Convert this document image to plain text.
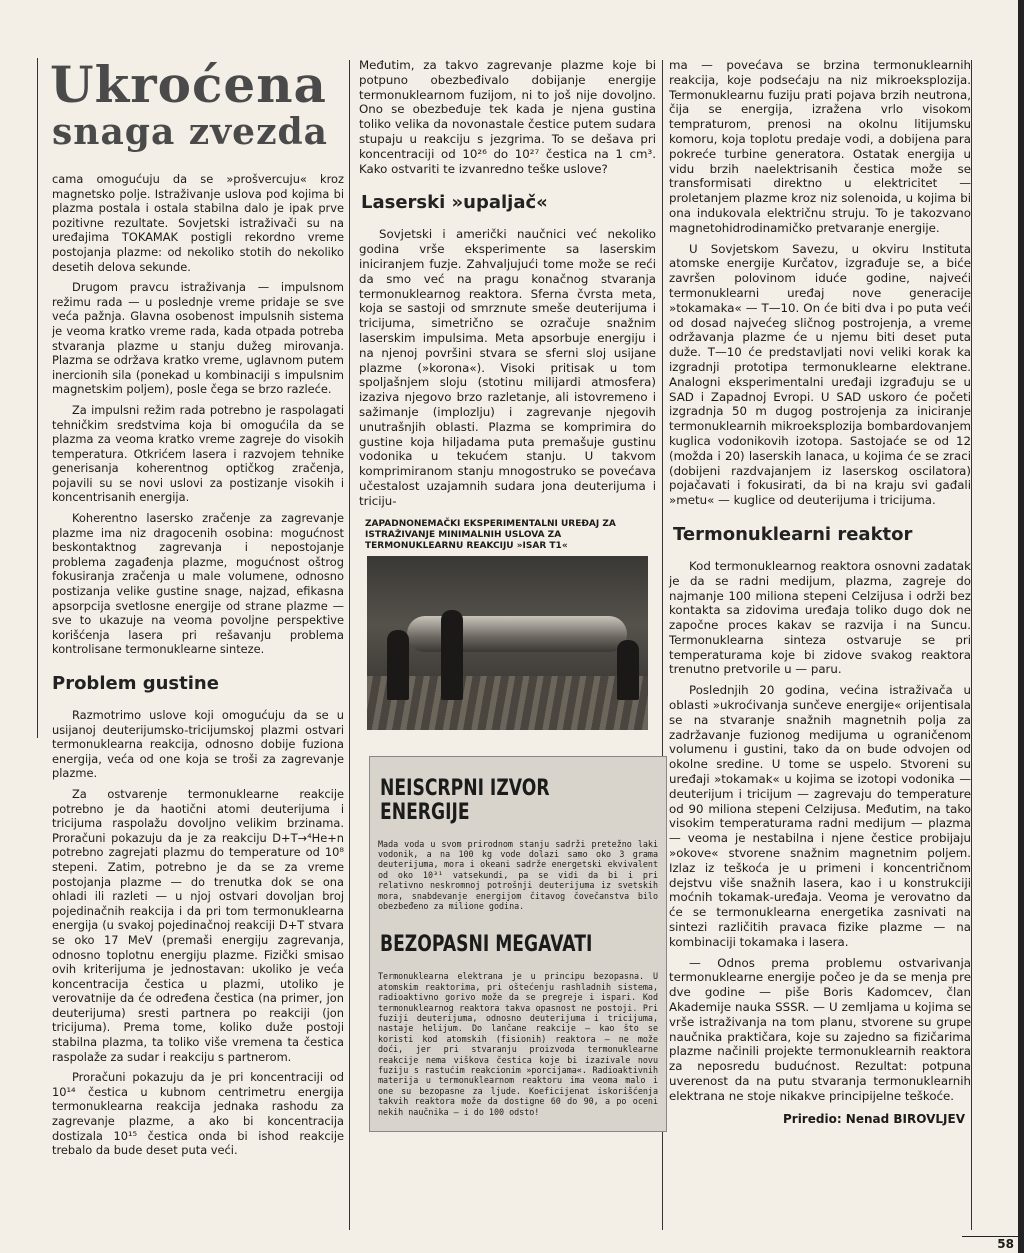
Ukroćena
snaga zvezda

cama omogućuju da se »prošvercuju« kroz magnetsko polje. Istraživanje uslova pod kojima bi plazma postala i ostala stabilna dalo je ipak prve pozitivne rezultate. Sovjetski istraživači su na uređajima TOKAMAK postigli rekordno vreme postojanja plazme: od nekoliko stotih do nekoliko desetih delova sekunde.

Drugom pravcu istraživanja — impulsnom režimu rada — u poslednje vreme pridaje se sve veća pažnja. Glavna osobenost impulsnih sistema je veoma kratko vreme rada, kada otpada potreba stvaranja plazme u stanju dužeg mirovanja. Plazma se održava kratko vreme, uglavnom putem inercionih sila (ponekad u kombinaciji s impulsnim magnetskim poljem), posle čega se brzo razleće.

Za impulsni režim rada potrebno je raspolagati tehničkim sredstvima koja bi omogućila da se plazma za veoma kratko vreme zagreje do visokih temperatura. Otkrićem lasera i razvojem tehnike generisanja koherentnog optičkog zračenja, pojavili su se novi uslovi za postizanje visokih i koncentrisanih energija.

Koherentno lasersko zračenje za zagrevanje plazme ima niz dragocenih osobina: mogućnost beskontaktnog zagrevanja i nepostojanje problema zagađenja plazme, mogućnost oštrog fokusiranja zračenja u male volumene, odnosno postizanja velike gustine snage, najzad, efikasna apsorpcija svetlosne energije od strane plazme — sve to ukazuje na veoma povoljne perspektive korišćenja lasera pri rešavanju problema kontrolisane termonuklearne sinteze.

Problem gustine

Razmotrimo uslove koji omogućuju da se u usijanoj deuterijumsko-tricijumskoj plazmi ostvari termonuklearna reakcija, odnosno dobije fuziona energija, veća od one koja se troši za zagrevanje plazme.

Za ostvarenje termonuklearne reakcije potrebno je da haotični atomi deuterijuma i tricijuma raspolažu dovoljno velikim brzinama. Proračuni pokazuju da je za reakciju D+T→⁴He+n potrebno zagrejati plazmu do temperature od 10⁸ stepeni. Zatim, potrebno je da se za vreme postojanja plazme — do trenutka dok se ona ohladi ili razleti — u njoj ostvari dovoljan broj pojedinačnih reakcija i da pri tom termonuklearna energija (u svakoj pojedinačnoj reakciji D+T stvara se oko 17 MeV (premaši energiju zagrevanja, odnosno toplotnu energiju plazme. Fizički smisao ovih kriterijuma je jednostavan: ukoliko je veća koncentracija čestica u plazmi, utoliko je verovatnije da će određena čestica (na primer, jon deuterijuma) sresti partnera po reakciji (jon tricijuma). Prema tome, koliko duže postoji stabilna plazma, ta toliko više vremena ta čestica raspolaže za sudar i reakciju s partnerom.

Proračuni pokazuju da je pri koncentraciji od 10¹⁴ čestica u kubnom centrimetru energija termonuklearna reakcija jednaka rashodu za zagrevanje plazme, a ako bi koncentracija dostizala 10¹⁵ čestica onda bi ishod reakcije trebalo da bude deset puta veći.

Međutim, za takvo zagrevanje plazme koje bi potpuno obezbeđivalo dobijanje energije termonuklearnom fuzijom, ni to još nije dovoljno. Ono se obezbeđuje tek kada je njena gustina toliko velika da novonastale čestice putem sudara stupaju u reakciju s jezgrima. To se dešava pri koncentraciji od 10²⁶ do 10²⁷ čestica na 1 cm³. Kako ostvariti te izvanredno teške uslove?

Laserski »upaljač«

Sovjetski i američki naučnici već nekoliko godina vrše eksperimente sa laserskim iniciranjem fuzje. Zahvaljujući tome može se reći da smo već na pragu konačnog stvaranja termonuklearnog reaktora. Sferna čvrsta meta, koja se sastoji od smrznute smeše deuterijuma i tricijuma, simetrično se ozračuje snažnim laserskim impulsima. Meta apsorbuje energiju i na njenoj površini stvara se sferni sloj usijane plazme (»korona«). Visoki pritisak u tom spoljašnjem sloju (stotinu milijardi atmosfera) izaziva njegovo brzo razletanje, ali istovremeno i sažimanje (implozlju) i zagrevanje njegovih unutrašnjih oblasti. Plazma se komprimira do gustine koja hiljadama puta premašuje gustinu vodonika u tekućem stanju. U takvom komprimiranom stanju mnogostruko se povećava učestalost uzajamnih sudara jona deuterijuma i triciju-

ZAPADNONEMAČKI EKSPERIMENTALNI UREĐAJ ZA ISTRAŽIVANJE MINIMALNIH USLOVA ZA TERMONUKLEARNU REAKCIJU »ISAR T1«
NEISCRPNI IZVOR ENERGIJE

Mada voda u svom prirodnom stanju sadrži pretežno laki vodonik, a na 100 kg vode dolazi samo oko 3 grama deuterijuma, mora i okeani sadrže energetski ekvivalent od oko 10³¹ vatsekundi, pa se vidi da bi i pri relativno neskromnoj potrošnji deuterijuma iz svetskih mora, snabdevanje energijom čitavog čovečanstva bilo obezbeđeno za milione godina.

BEZOPASNI MEGAVATI

Termonuklearna elektrana je u principu bezopasna. U atomskim reaktorima, pri oštećenju rashladnih sistema, radioaktivno gorivo može da se pregreje i ispari. Kod termonuklearnog reaktora takva opasnost ne postoji. Pri fuziji deuterijuma, odnosno deuterijuma i tricijuma, nastaje helijum. Do lančane reakcije — kao što se koristi kod atomskih (fisionih) reaktora — ne može doći, jer pri stvaranju proizvoda termonuklearne reakcije nema viškova čestica koje bi izazivale novu fuziju s rastućim reakcionim »porcijama«. Radioaktivnih materija u termonuklearnom reaktoru ima veoma malo i one su bezopasne za ljude. Koeficijenat iskorišćenja takvih reaktora može da dostigne 60 do 90, a po oceni nekih naučnika — i do 100 odsto!

ma — povećava se brzina termonuklearnih reakcija, koje podsećaju na niz mikroeksplozija. Termonuklearnu fuziju prati pojava brzih neutrona, čija se energija, izražena vrlo visokom tempraturom, prenosi na okolnu litijumsku komoru, koja toplotu predaje vodi, a dobijena para pokreće turbine generatora. Ostatak energija u vidu brzih naelektrisanih čestica može se transformisati direktno u elektricitet — proletanjem plazme kroz niz solenoida, u kojima bi ona indukovala električnu struju. To je takozvano magnetohidrodinamičko pretvaranje energije.

U Sovjetskom Savezu, u okviru Instituta atomske energije Kurčatov, izgrađuje se, a biće završen polovinom iduće godine, najveći termonuklearni uređaj nove generacije »tokamaka« — T—10. On će biti dva i po puta veći od dosad najvećeg sličnog postrojenja, a vreme održavanja plazme će u njemu biti deset puta duže. T—10 će predstavljati novi veliki korak ka izgradnji prototipa termonuklearne elektrane. Analogni eksperimentalni uređaji izgrađuju se u SAD i Zapadnoj Evropi. U SAD uskoro će početi izgradnja 50 m dugog postrojenja za iniciranje termonuklearnih mikroeksplozija bombardovanjem kuglica vodonikovih izotopa. Sastojaće se od 12 (možda i 20) laserskih lanaca, u kojima će se zraci (dobijeni razdvajanjem iz laserskog oscilatora) pojačavati i fokusirati, da bi na kraju svi gađali »metu« — kuglice od deuterijuma i tricijuma.

Termonuklearni reaktor

Kod termonuklearnog reaktora osnovni zadatak je da se radni medijum, plazma, zagreje do najmanje 100 miliona stepeni Celzijusa i održi bez kontakta sa zidovima uređaja toliko dugo dok ne započne proces kakav se razvija i na Suncu. Termonuklearna sinteza ostvaruje se pri temperaturama koje bi zidove svakog reaktora trenutno pretvorile u — paru.

Poslednjih 20 godina, većina istraživača u oblasti »ukroćivanja sunčeve energije« orijentisala se na stvaranje snažnih magnetnih polja za zadržavanje fuzionog medijuma u ograničenom volumenu i gustini, tako da on bude odvojen od okolne sredine. U tome se uspelo. Stvoreni su uređaji »tokamak« u kojima se izotopi vodonika — deuterijum i tricijum — zagrevaju do temperature od 90 miliona stepeni Celzijusa. Međutim, na tako visokim temperaturama radni medijum — plazma — veoma je nestabilna i njene čestice probijaju »okove« stvorene snažnim magnetnim poljem. Izlaz iz teškoća je u primeni i koncentričnom dejstvu više snažnih lasera, kao i u konstrukciji moćnih tokamak-uređaja. Veoma je verovatno da će se termonuklearna energetika zasnivati na sintezi različitih pravaca fizike plazme — na kombinaciji tokamaka i lasera.

— Odnos prema problemu ostvarivanja termonuklearne energije počeo je da se menja pre dve godine — piše Boris Kadomcev, član Akademije nauka SSSR. — U zemljama u kojima se vrše istraživanja na tom planu, stvorene su grupe naučnika praktičara, koje su zajedno sa fizičarima plazme načinili projekte termonuklearnih reaktora za neposredu budućnost. Rezultat: potpuna uverenost da na putu stvaranja termonuklearnih elektrana ne stoje nikakve principijelne teškoće.

Priredio: Nenad BIROVLJEV
58
